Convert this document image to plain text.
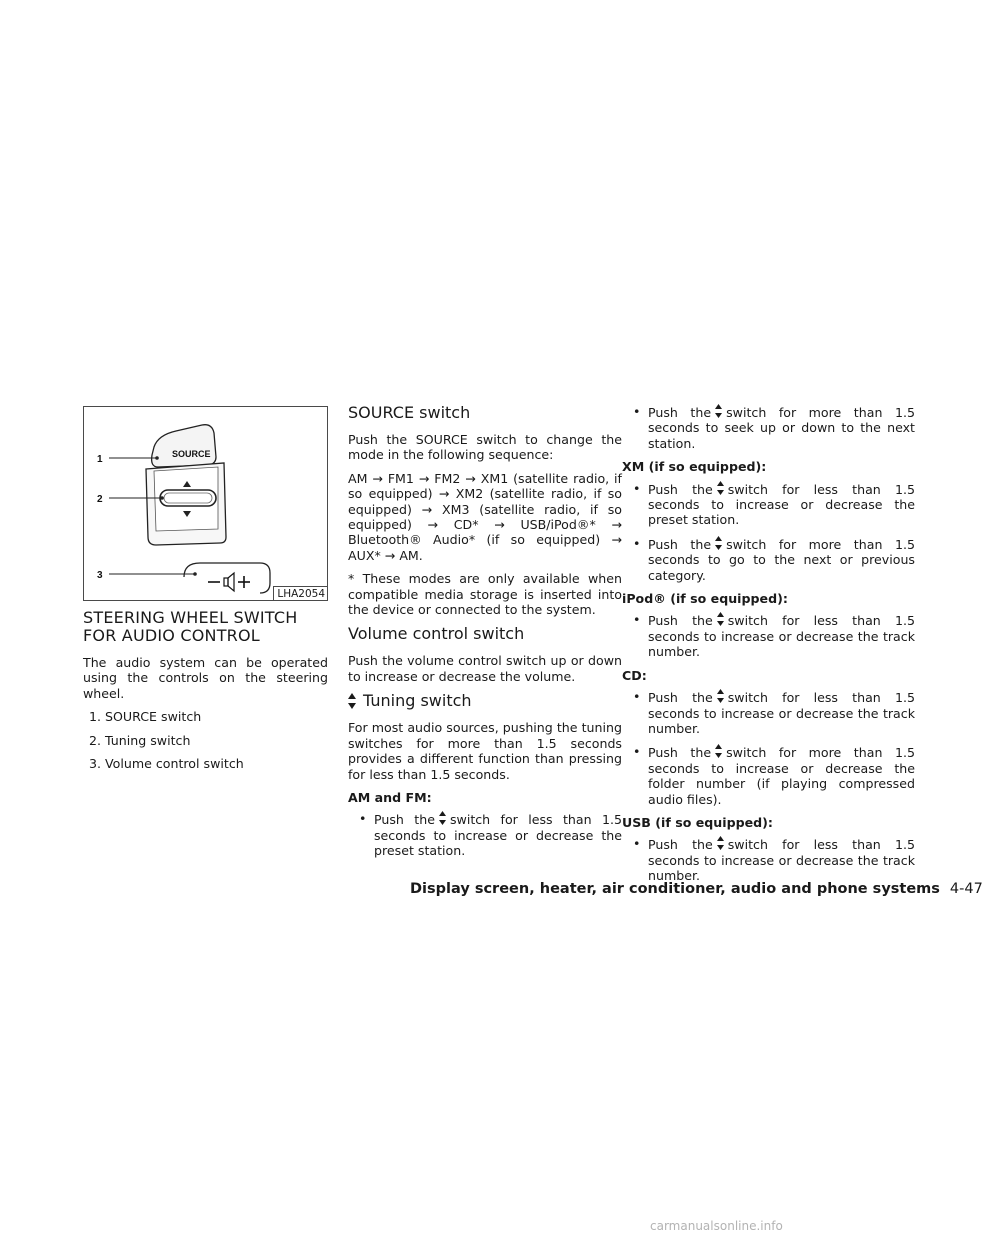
SOURCE
1
2
3
LHA2054
STEERING WHEEL SWITCH FOR AUDIO CONTROL

The audio system can be operated using the controls on the steering wheel.

1. SOURCE switch
2. Tuning switch
3. Volume control switch
SOURCE switch

Push the SOURCE switch to change the mode in the following sequence:

AM → FM1 → FM2 → XM1 (satellite radio, if so equipped) → XM2 (satellite radio, if so equipped) → XM3 (satellite radio, if so equipped) → CD* → USB/iPod®* → Bluetooth® Audio* (if so equipped) → AUX* → AM.

* These modes are only available when compatible media storage is inserted into the device or connected to the system.

Volume control switch

Push the volume control switch up or down to increase or decrease the volume.

Tuning switch

For most audio sources, pushing the tuning switches for more than 1.5 seconds provides a different function than pressing for less than 1.5 seconds.

AM and FM:
• Push the switch for less than 1.5 seconds to increase or decrease the preset station.
• Push the switch for more than 1.5 seconds to seek up or down to the next station.
XM (if so equipped):
• Push the switch for less than 1.5 seconds to increase or decrease the preset station.
• Push the switch for more than 1.5 seconds to go to the next or previous category.
iPod® (if so equipped):
• Push the switch for less than 1.5 seconds to increase or decrease the track number.
CD:
• Push the switch for less than 1.5 seconds to increase or decrease the track number.
• Push the switch for more than 1.5 seconds to increase or decrease the folder number (if playing compressed audio files).
USB (if so equipped):
• Push the switch for less than 1.5 seconds to increase or decrease the track number.
Display screen, heater, air conditioner, audio and phone systems 4-47
carmanualsonline.info
